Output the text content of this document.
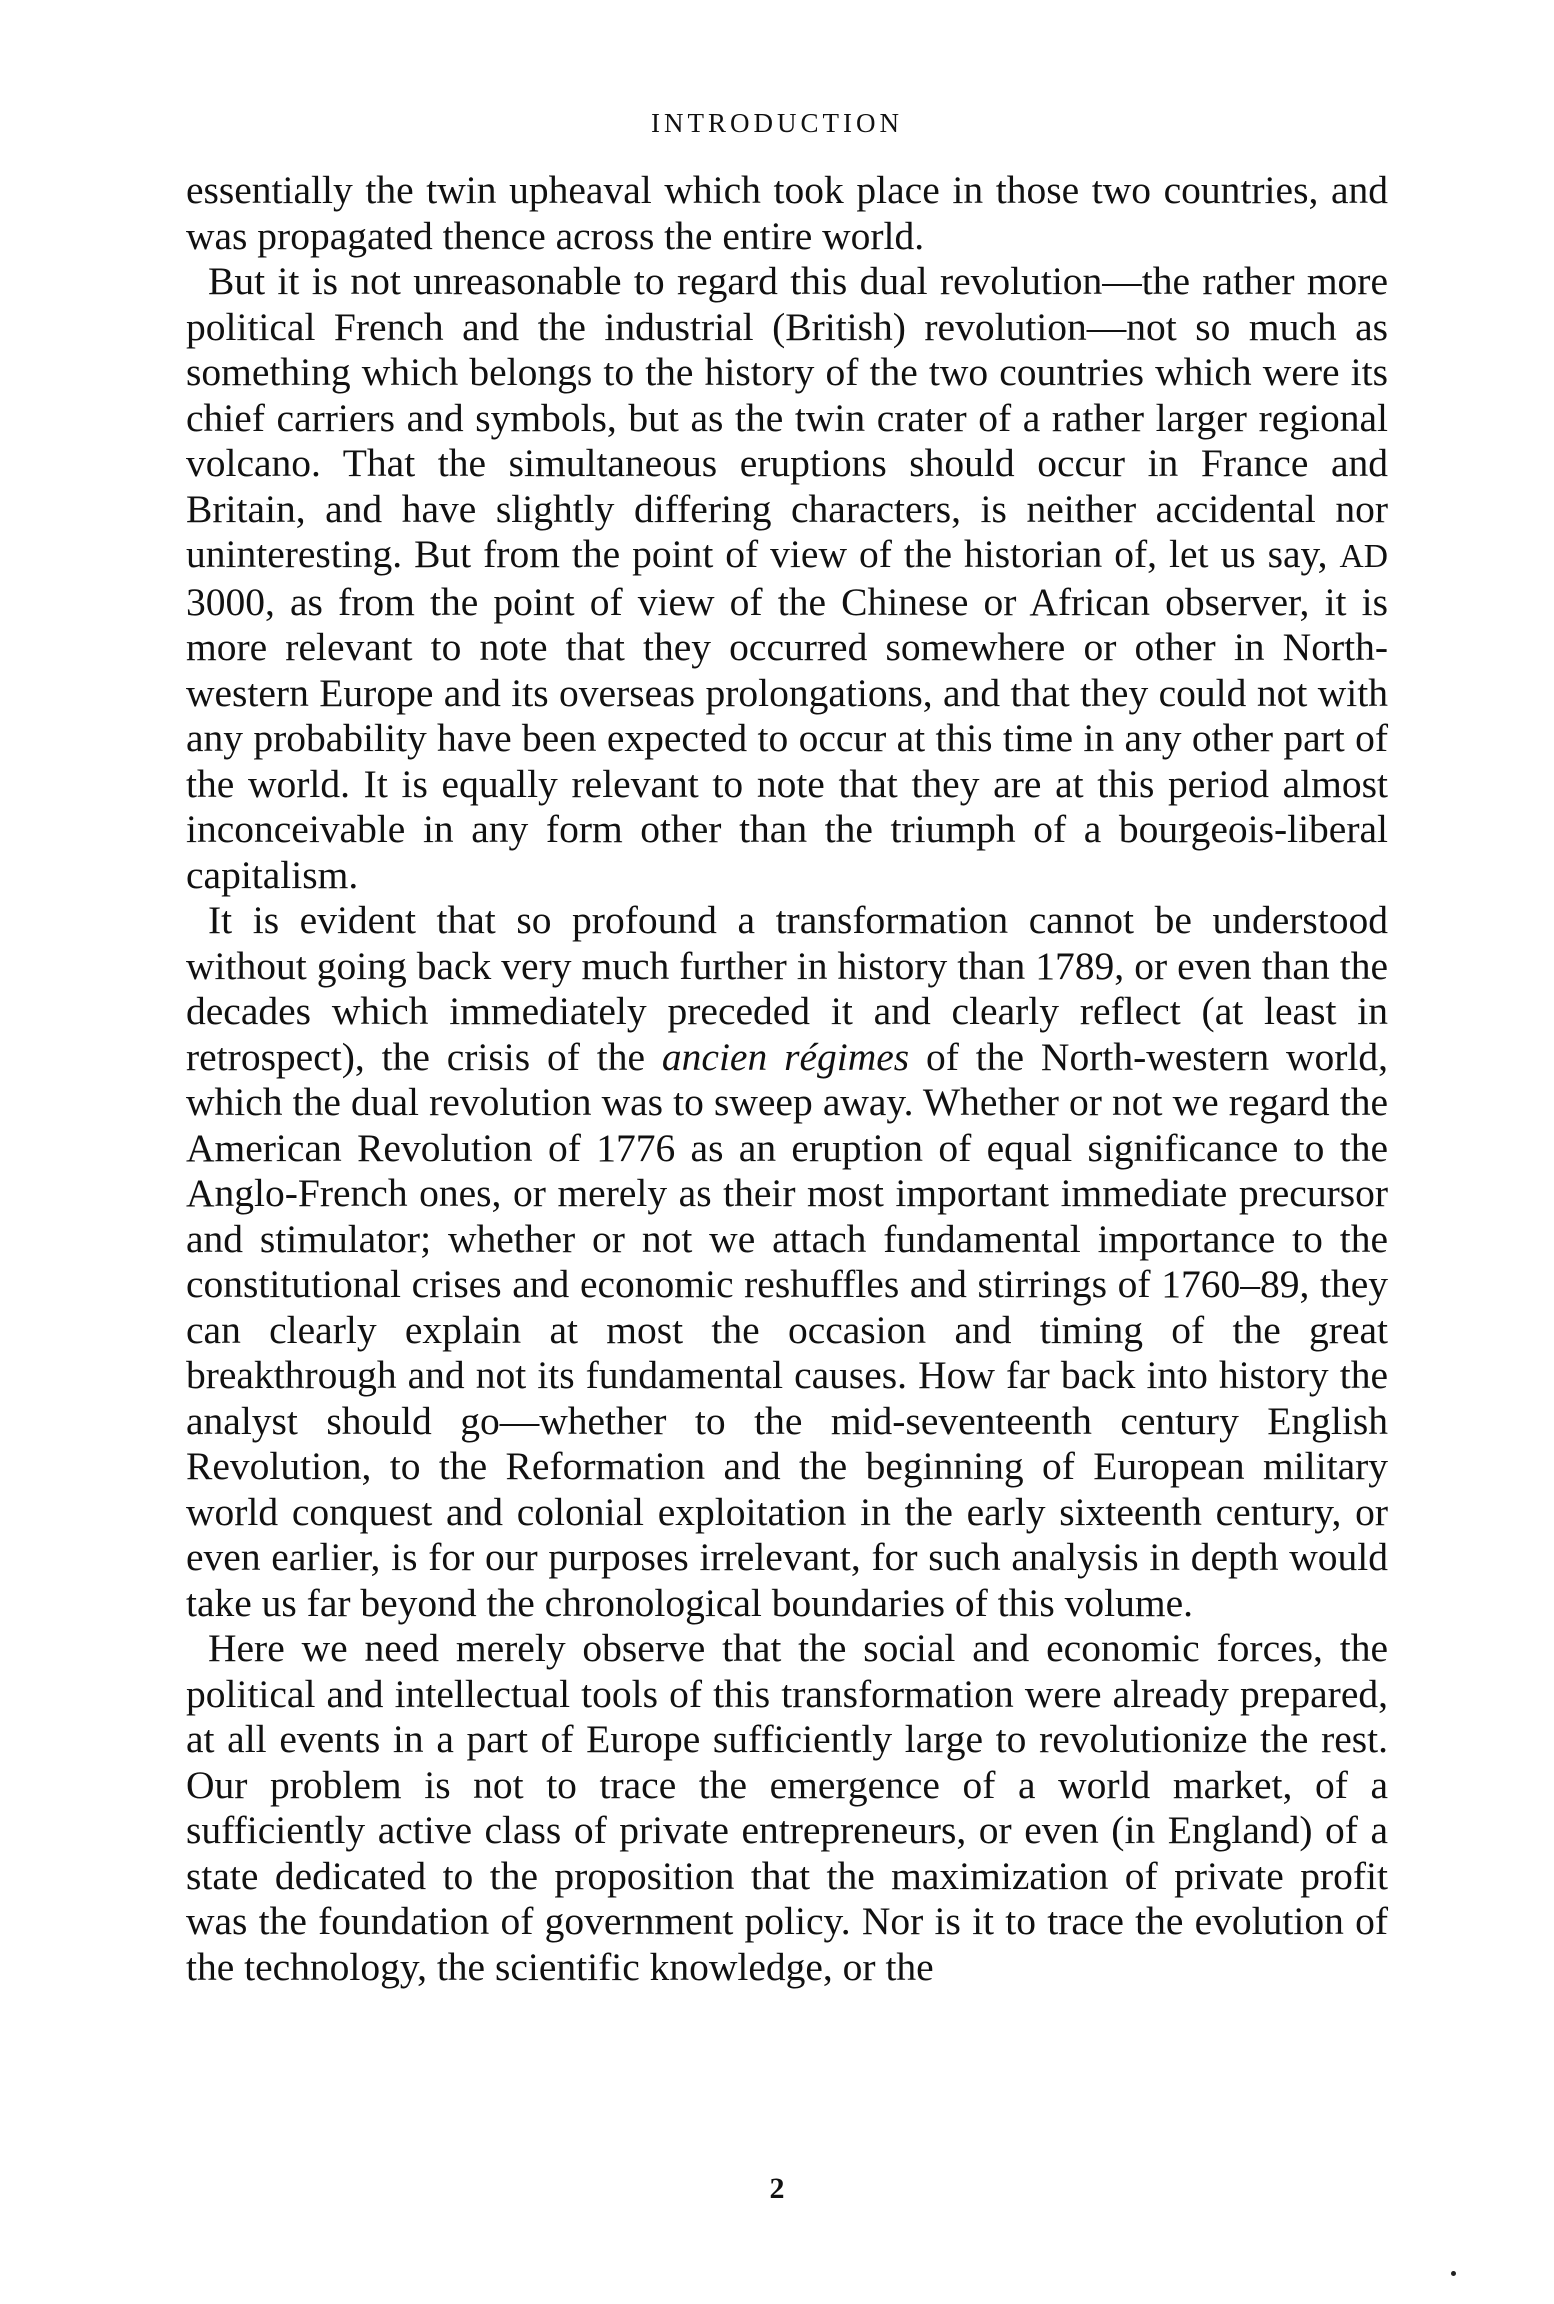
INTRODUCTION

essentially the twin upheaval which took place in those two countries, and was propagated thence across the entire world.

But it is not unreasonable to regard this dual revolution—the rather more political French and the industrial (British) revolution—not so much as something which belongs to the history of the two countries which were its chief carriers and symbols, but as the twin crater of a rather larger regional volcano. That the simultaneous eruptions should occur in France and Britain, and have slightly differing characters, is neither accidental nor uninteresting. But from the point of view of the historian of, let us say, AD 3000, as from the point of view of the Chinese or African observer, it is more relevant to note that they occurred somewhere or other in North-western Europe and its overseas prolongations, and that they could not with any probability have been expected to occur at this time in any other part of the world. It is equally relevant to note that they are at this period almost inconceivable in any form other than the triumph of a bourgeois-liberal capitalism.

It is evident that so profound a transformation cannot be understood without going back very much further in history than 1789, or even than the decades which immediately preceded it and clearly reflect (at least in retrospect), the crisis of the ancien régimes of the North-western world, which the dual revolution was to sweep away. Whether or not we regard the American Revolution of 1776 as an eruption of equal significance to the Anglo-French ones, or merely as their most important immediate precursor and stimulator; whether or not we attach fundamental importance to the constitutional crises and economic reshuffles and stirrings of 1760–89, they can clearly explain at most the occasion and timing of the great breakthrough and not its fundamental causes. How far back into history the analyst should go—whether to the mid-seventeenth century English Revolution, to the Reformation and the beginning of European military world conquest and colonial exploitation in the early sixteenth century, or even earlier, is for our purposes irrelevant, for such analysis in depth would take us far beyond the chronological boundaries of this volume.

Here we need merely observe that the social and economic forces, the political and intellectual tools of this transformation were already prepared, at all events in a part of Europe sufficiently large to revolutionize the rest. Our problem is not to trace the emergence of a world market, of a sufficiently active class of private entrepreneurs, or even (in England) of a state dedicated to the proposition that the maximization of private profit was the foundation of government policy. Nor is it to trace the evolution of the technology, the scientific knowledge, or the

2
